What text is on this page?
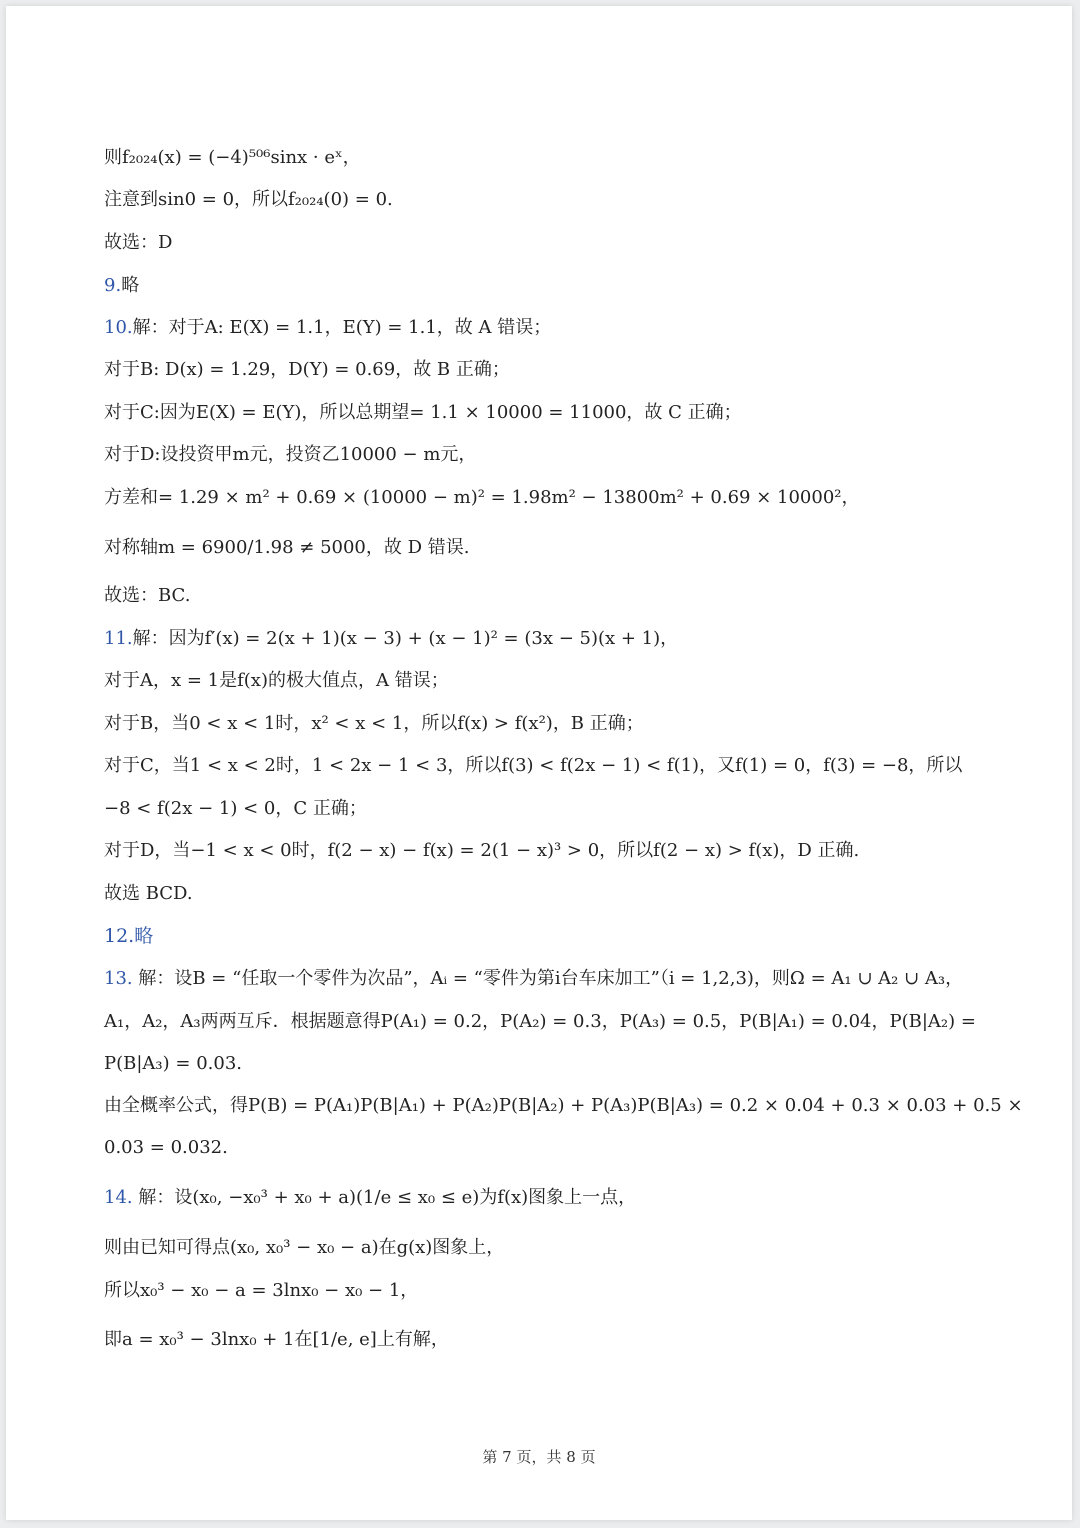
则f₂₀₂₄(x) = (−4)⁵⁰⁶sinx · eˣ，
注意到sin0 = 0，所以f₂₀₂₄(0) = 0.
故选：D
9.略
10.解：对于A: E(X) = 1.1，E(Y) = 1.1，故 A 错误；
对于B: D(x) = 1.29，D(Y) = 0.69，故 B 正确；
对于C:因为E(X) = E(Y)，所以总期望= 1.1 × 10000 = 11000，故 C 正确；
对于D:设投资甲m元，投资乙10000 − m元，
方差和= 1.29 × m² + 0.69 × (10000 − m)² = 1.98m² − 13800m² + 0.69 × 10000²，
对称轴m = 6900/1.98 ≠ 5000，故 D 错误.
故选：BC.
11.解：因为f′(x) = 2(x + 1)(x − 3) + (x − 1)² = (3x − 5)(x + 1)，
对于A，x = 1是f(x)的极大值点，A 错误；
对于B，当0 < x < 1时，x² < x < 1，所以f(x) > f(x²)，B 正确；
对于C，当1 < x < 2时，1 < 2x − 1 < 3，所以f(3) < f(2x − 1) < f(1)，又f(1) = 0，f(3) = −8，所以
−8 < f(2x − 1) < 0，C 正确；
对于D，当−1 < x < 0时，f(2 − x) − f(x) = 2(1 − x)³ > 0，所以f(2 − x) > f(x)，D 正确.
故选 BCD.
12.略
13. 解：设B = “任取一个零件为次品”，Aᵢ = “零件为第i台车床加工”（i = 1,2,3)，则Ω = A₁ ∪ A₂ ∪ A₃，
A₁，A₂，A₃两两互斥．根据题意得P(A₁) = 0.2，P(A₂) = 0.3，P(A₃) = 0.5，P(B|A₁) = 0.04，P(B|A₂) =
P(B|A₃) = 0.03.
由全概率公式，得P(B) = P(A₁)P(B|A₁) + P(A₂)P(B|A₂) + P(A₃)P(B|A₃) = 0.2 × 0.04 + 0.3 × 0.03 + 0.5 ×
0.03 = 0.032.
14. 解：设(x₀, −x₀³ + x₀ + a)(1/e ≤ x₀ ≤ e)为f(x)图象上一点，
则由已知可得点(x₀, x₀³ − x₀ − a)在g(x)图象上，
所以x₀³ − x₀ − a = 3lnx₀ − x₀ − 1，
即a = x₀³ − 3lnx₀ + 1在[1/e, e]上有解，
第 7 页，共 8 页
